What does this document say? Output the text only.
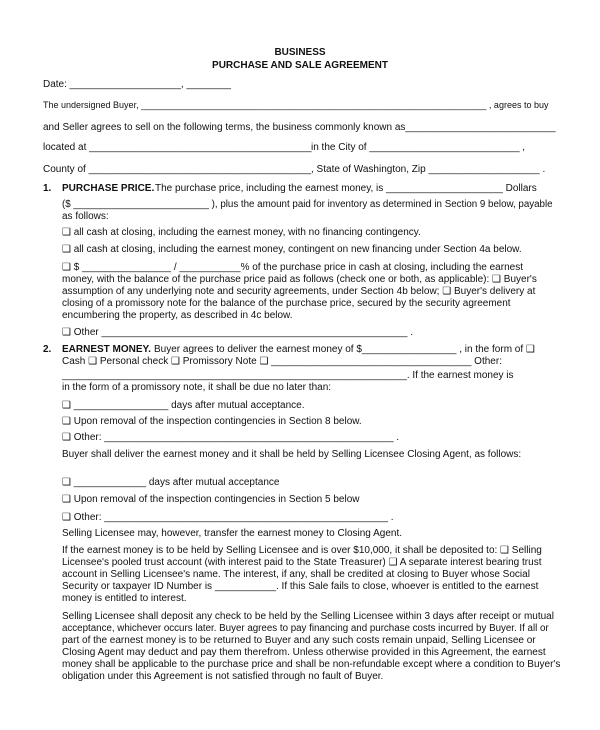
BUSINESS
PURCHASE AND SALE AGREEMENT
Date: ____________________, ________
The undersigned Buyer, _____________________________________________________________________ , agrees to buy
and Seller agrees to sell on the following terms, the business commonly known as___________________________
located at ________________________________________ in the City of ___________________________ ,
County of ________________________________________ , State of Washington, Zip ____________________ .
1. PURCHASE PRICE. The purchase price, including the earnest money, is _____________________ Dollars
($ _________________________ ), plus the amount paid for inventory as determined in Section 9 below, payable
as follows:
❑ all cash at closing, including the earnest money, with no financing contingency.
❑ all cash at closing, including the earnest money, contingent on new financing under Section 4a below.
❑ $ ________________ / ___________% of the purchase price in cash at closing, including the earnest
money, with the balance of the purchase price paid as follows (check one or both, as applicable): ❑ Buyer's
assumption of any underlying note and security agreements, under Section 4b below; ❑ Buyer's delivery at
closing of a promissory note for the balance of the purchase price, secured by the security agreement
encumbering the property, as described in 4c below.
❑ Other _______________________________________________________ .
2. EARNEST MONEY. Buyer agrees to deliver the earnest money of $_________________ , in the form of ❑
Cash ❑ Personal check ❑ Promissory Note ❑ ____________________________________ Other:
______________________________________________________________. If the earnest money is
in the form of a promissory note, it shall be due no later than:
❑ _________________ days after mutual acceptance.
❑ Upon removal of the inspection contingencies in Section 8 below.
❑ Other: ____________________________________________________ .
Buyer shall deliver the earnest money and it shall be held by Selling Licensee Closing Agent, as follows:
❑ _____________ days after mutual acceptance
❑ Upon removal of the inspection contingencies in Section 5 below
❑ Other: ___________________________________________________ .
Selling Licensee may, however, transfer the earnest money to Closing Agent.
If the earnest money is to be held by Selling Licensee and is over $10,000, it shall be deposited to: ❑ Selling
Licensee's pooled trust account (with interest paid to the State Treasurer) ❑ A separate interest bearing trust
account in Selling Licensee's name. The interest, if any, shall be credited at closing to Buyer whose Social
Security or taxpayer ID Number is ___________. If this Sale fails to close, whoever is entitled to the earnest
money is entitled to interest.
Selling Licensee shall deposit any check to be held by the Selling Licensee within 3 days after receipt or mutual
acceptance, whichever occurs later. Buyer agrees to pay financing and purchase costs incurred by Buyer. If all or
part of the earnest money is to be returned to Buyer and any such costs remain unpaid, Selling Licensee or
Closing Agent may deduct and pay them therefrom. Unless otherwise provided in this Agreement, the earnest
money shall be applicable to the purchase price and shall be non-refundable except where a condition to Buyer's
obligation under this Agreement is not satisfied through no fault of Buyer.
